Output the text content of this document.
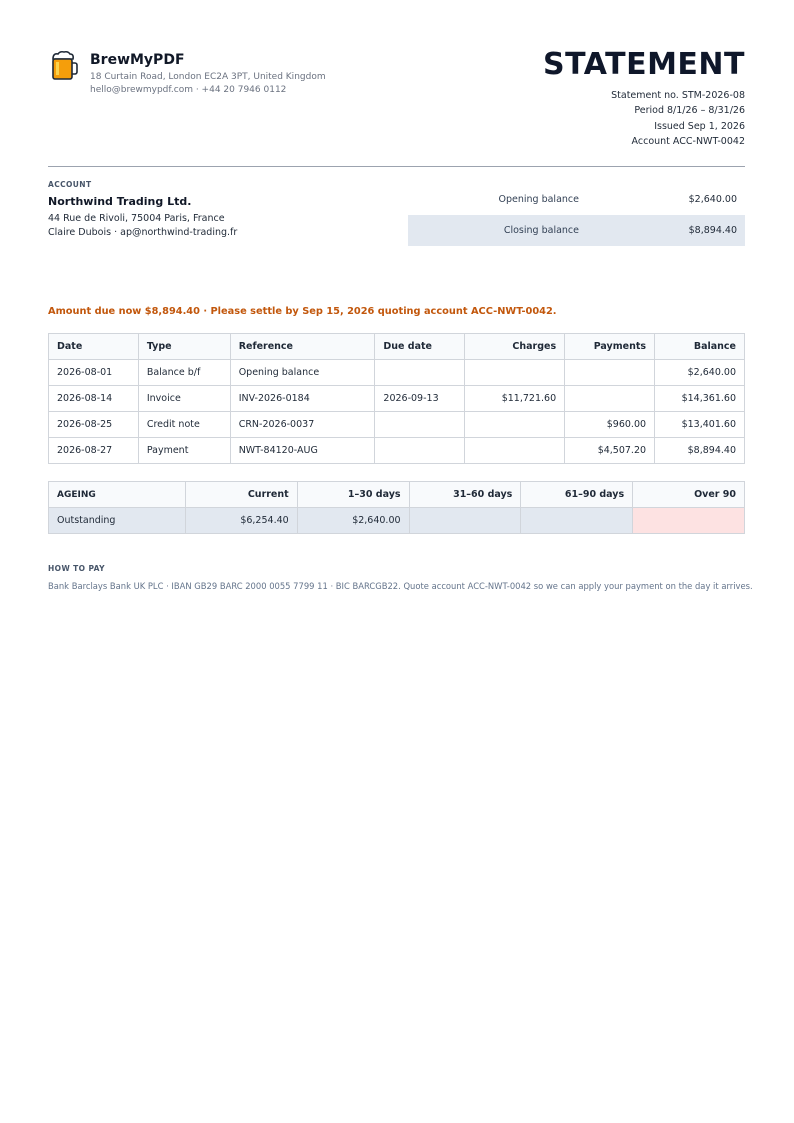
BrewMyPDF
18 Curtain Road, London EC2A 3PT, United Kingdom
hello@brewmypdf.com · +44 20 7946 0112
STATEMENT
Statement no. STM-2026-08
Period 8/1/26 – 8/31/26
Issued Sep 1, 2026
Account ACC-NWT-0042
ACCOUNT
Northwind Trading Ltd.
44 Rue de Rivoli, 75004 Paris, France
Claire Dubois · ap@northwind-trading.fr
Opening balance	$2,640.00
Closing balance	$8,894.40
Amount due now $8,894.40 · Please settle by Sep 15, 2026 quoting account ACC-NWT-0042.
Date	Type	Reference	Due date	Charges	Payments	Balance
2026-08-01	Balance b/f	Opening balance				$2,640.00
2026-08-14	Invoice	INV-2026-0184	2026-09-13	$11,721.60		$14,361.60
2026-08-25	Credit note	CRN-2026-0037			$960.00	$13,401.60
2026-08-27	Payment	NWT-84120-AUG			$4,507.20	$8,894.40
AGEING	Current	1–30 days	31–60 days	61–90 days	Over 90
Outstanding	$6,254.40	$2,640.00			
HOW TO PAY
Bank Barclays Bank UK PLC · IBAN GB29 BARC 2000 0055 7799 11 · BIC BARCGB22. Quote account ACC-NWT-0042 so we can apply your payment on the day it arrives.
